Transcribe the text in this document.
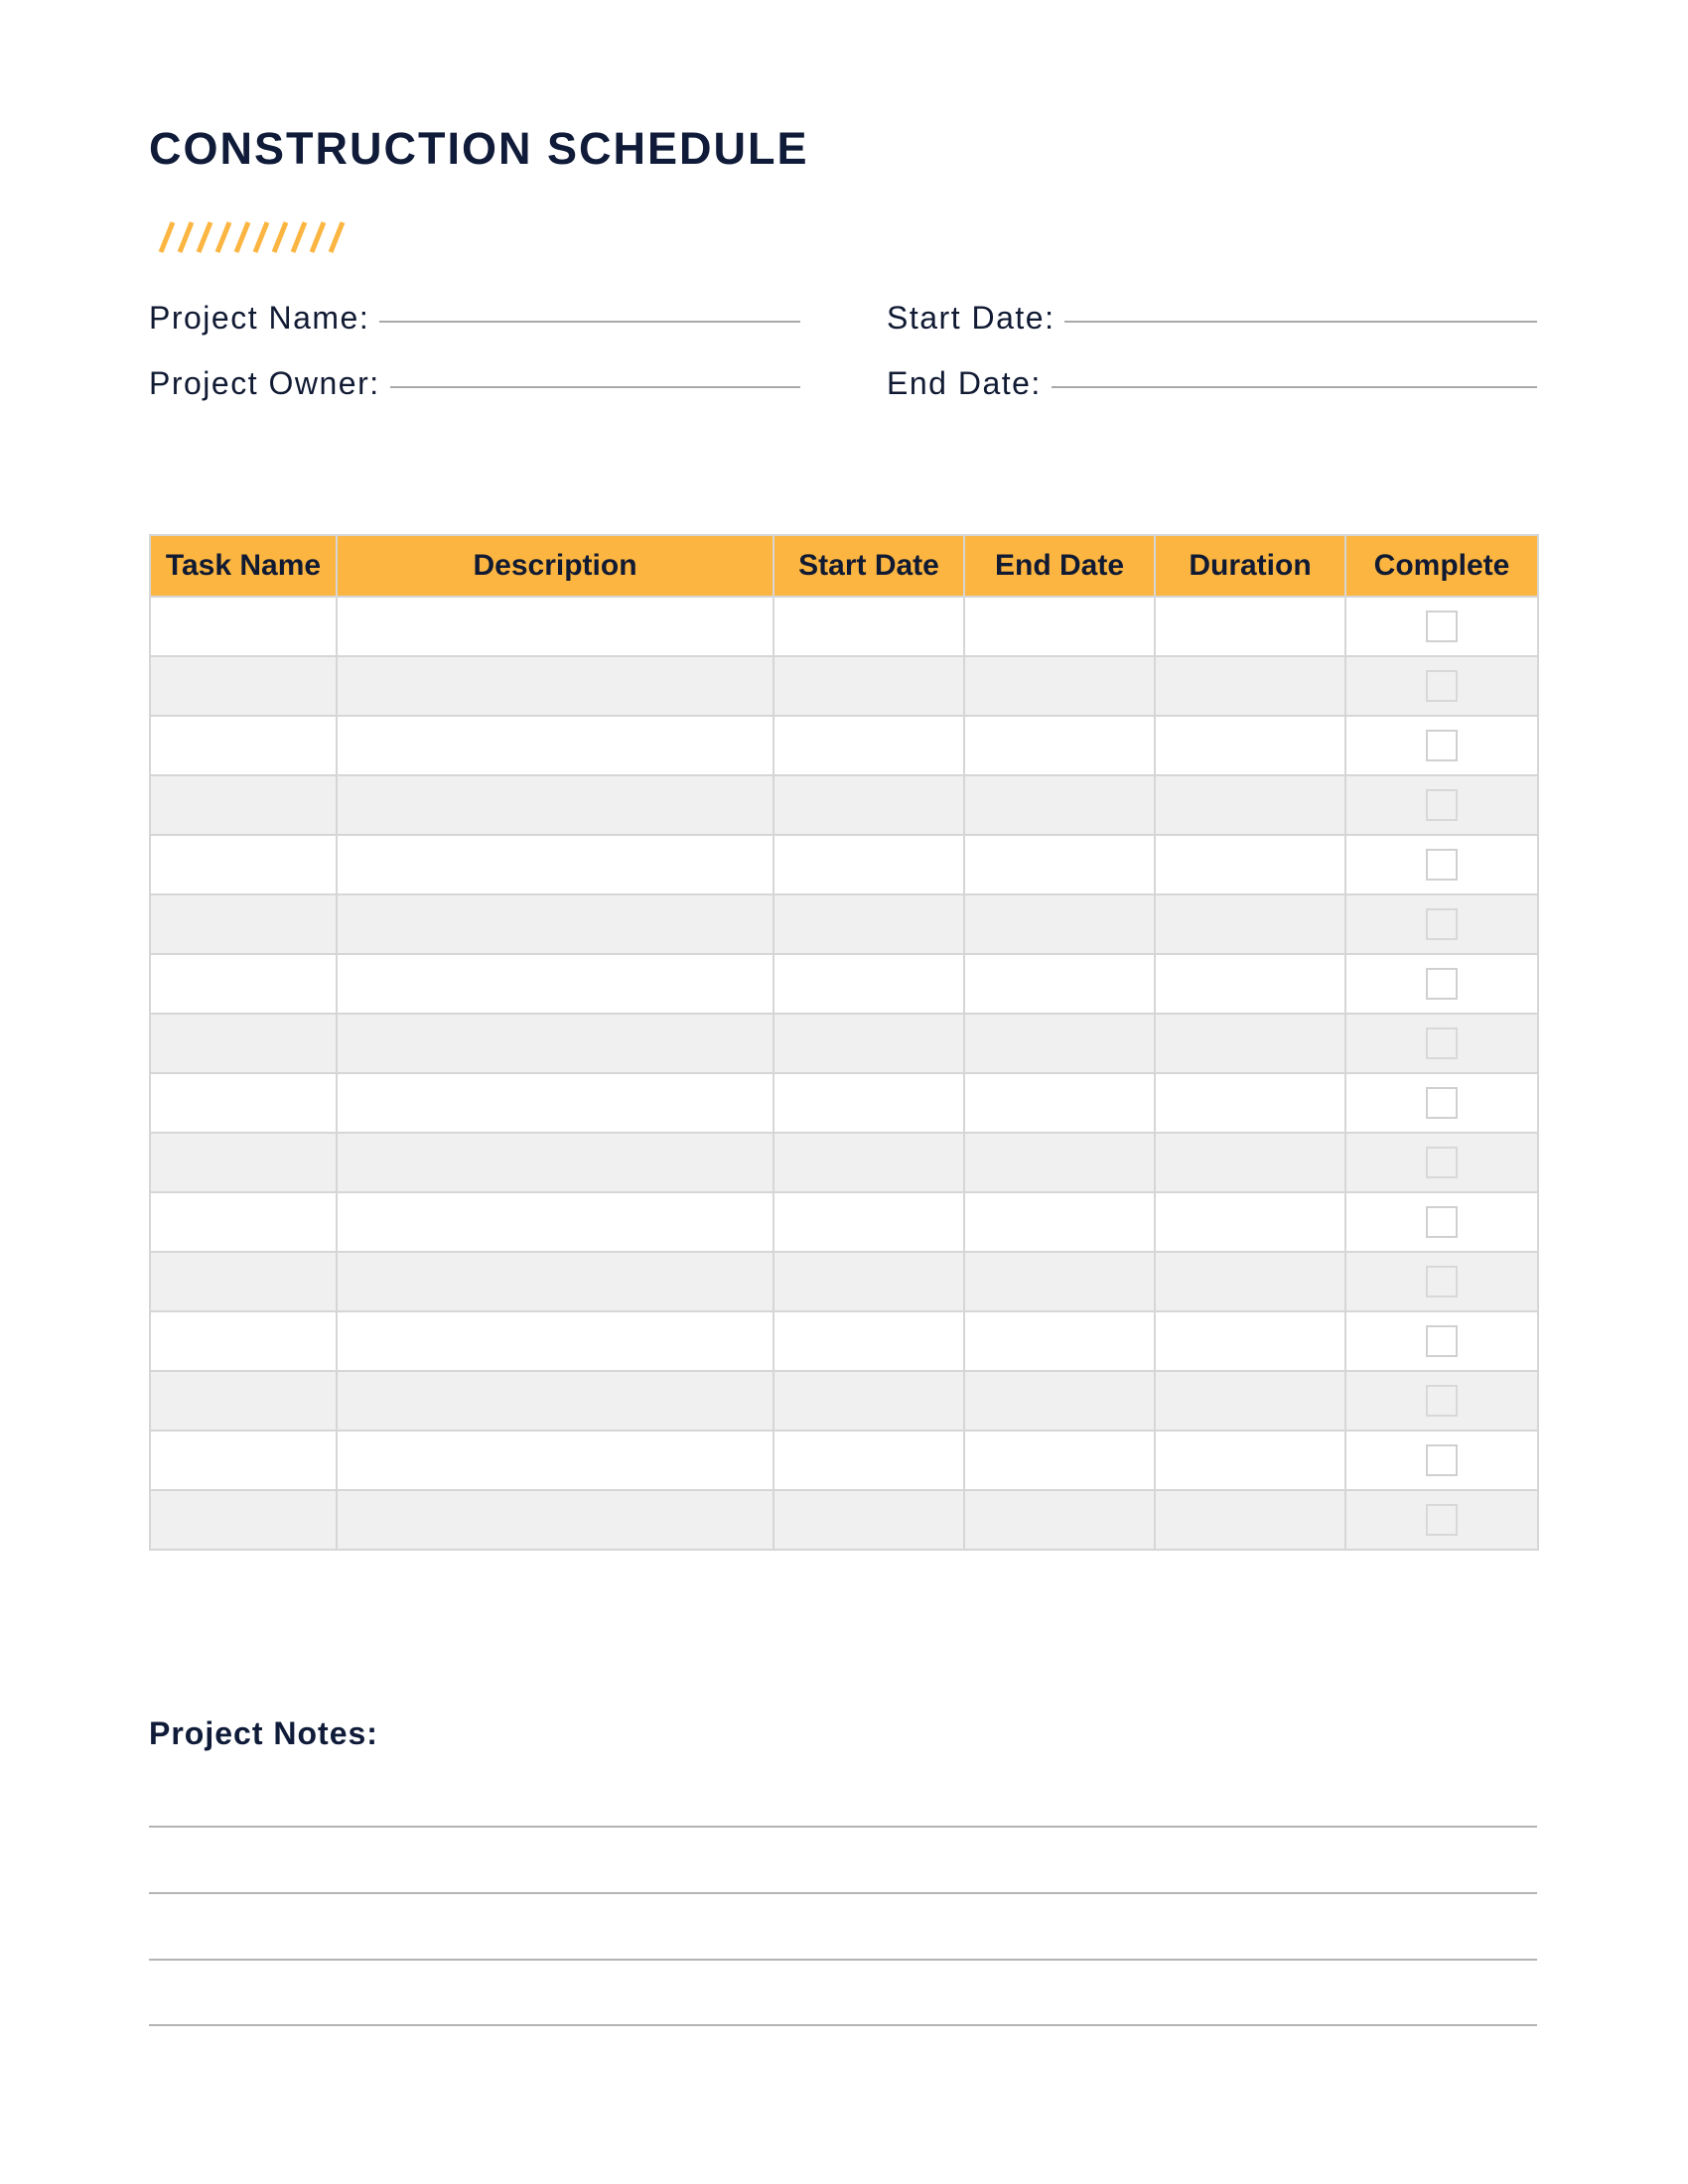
CONSTRUCTION SCHEDULE
Project Name:
Project Owner:
Start Date:
End Date:
Task Name	Description	Start Date	End Date	Duration	Complete

Project Notes:
